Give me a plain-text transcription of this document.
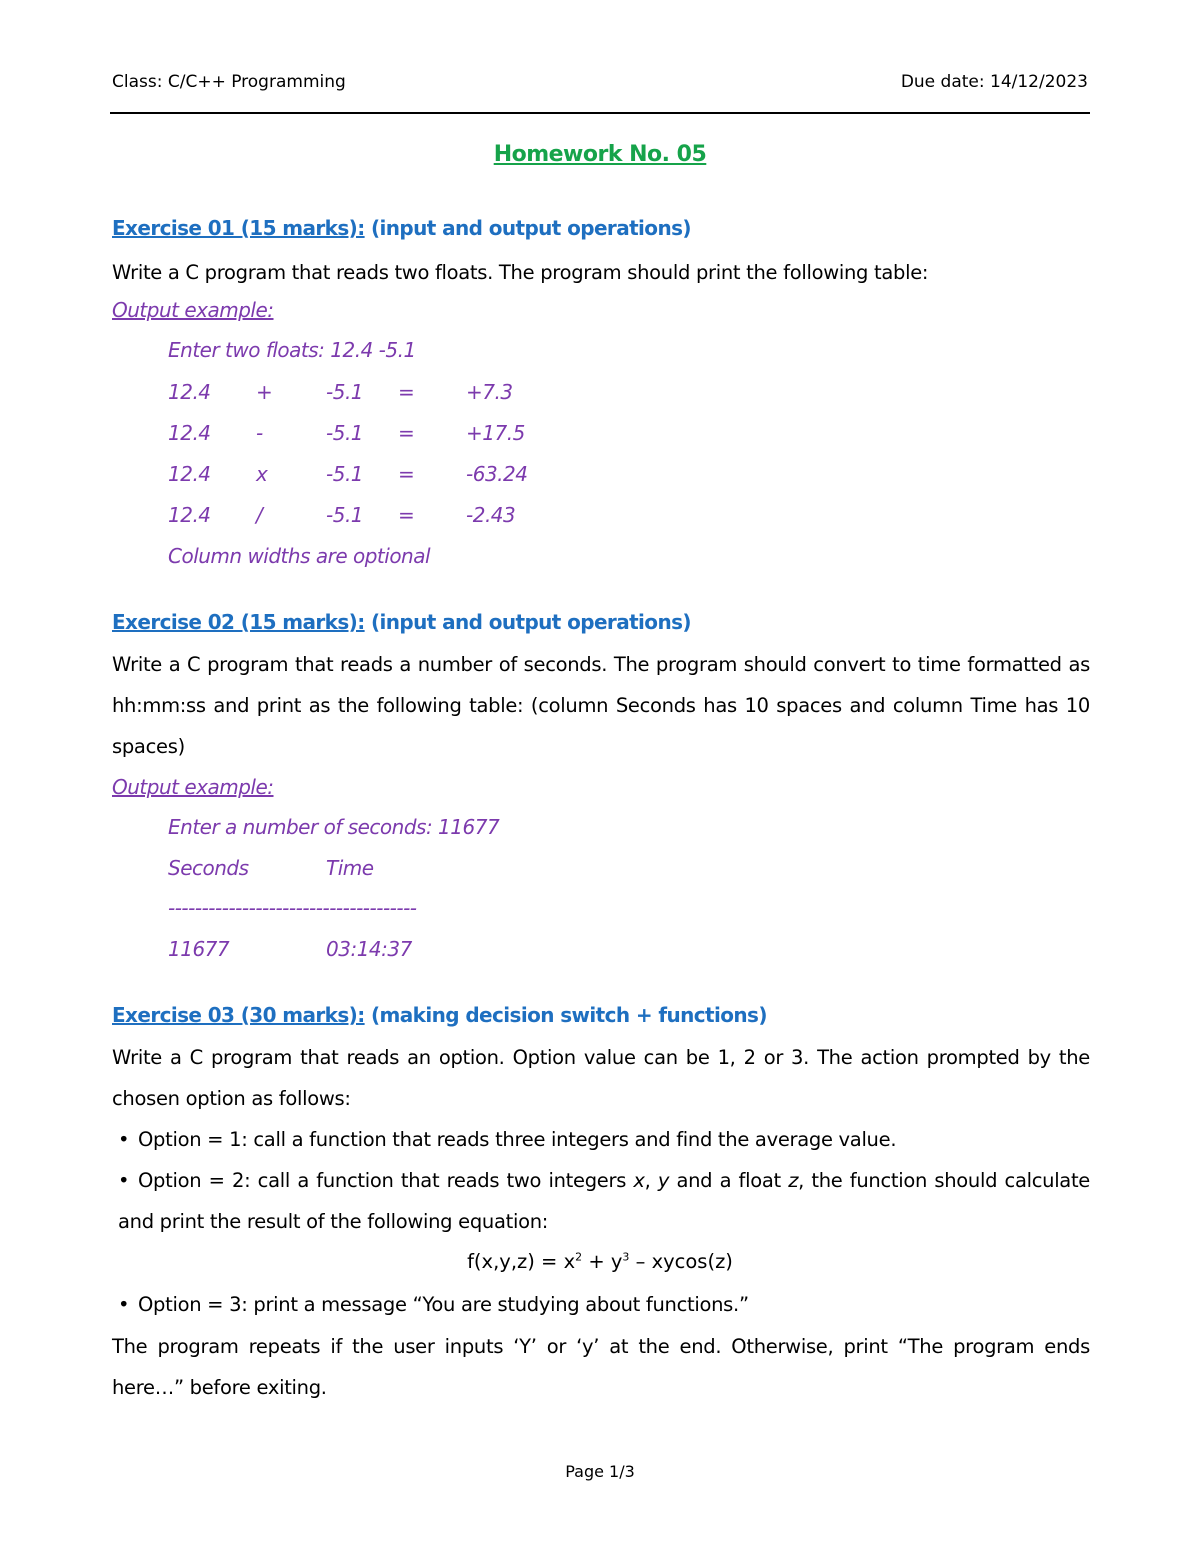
Class: C/C++ Programming	Due date: 14/12/2023
Homework No. 05
Exercise 01 (15 marks): (input and output operations)
Write a C program that reads two floats. The program should print the following table:
Output example:
Enter two floats: 12.4 -5.1
12.4 +	-5.1 =	+7.3
12.4 -	-5.1 =	+17.5
12.4 x	-5.1 =	-63.24
12.4 /	-5.1 =	-2.43
Column widths are optional
Exercise 02 (15 marks): (input and output operations)
Write a C program that reads a number of seconds. The program should convert to time formatted as hh:mm:ss and print as the following table: (column Seconds has 10 spaces and column Time has 10 spaces)
Output example:
Enter a number of seconds: 11677
Seconds	Time
-------------------------------------
11677	03:14:37
Exercise 03 (30 marks): (making decision switch + functions)
Write a C program that reads an option. Option value can be 1, 2 or 3. The action prompted by the chosen option as follows:
• Option = 1: call a function that reads three integers and find the average value.
• Option = 2: call a function that reads two integers x, y and a float z, the function should calculate and print the result of the following equation:
$f(x,y,z) = x^2 + y^3 - xycos(z)$
• Option = 3: print a message “You are studying about functions.”
The program repeats if the user inputs ‘Y’ or ‘y’ at the end. Otherwise, print “The program ends here…” before exiting.
Page 1/3
